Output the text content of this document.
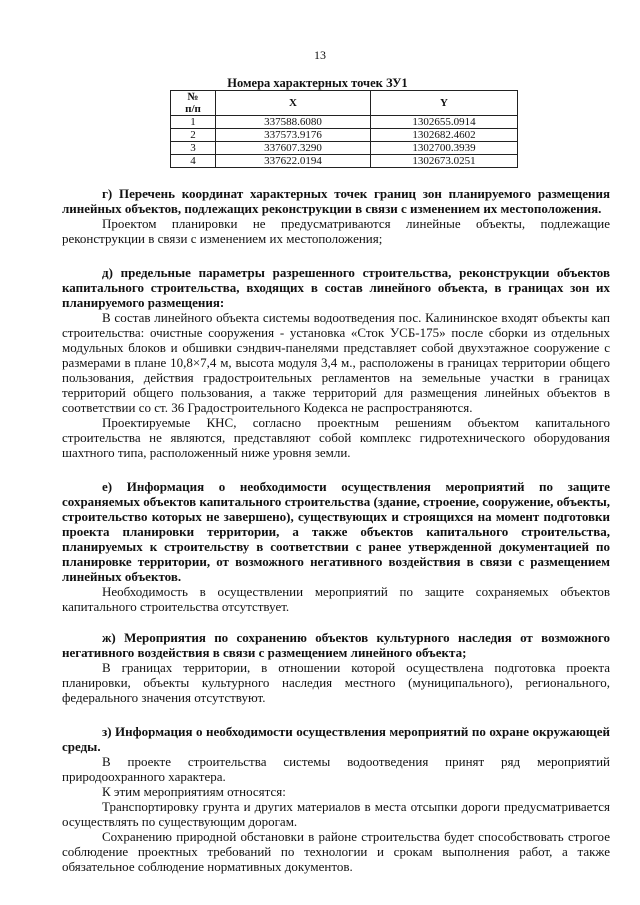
13
Номера характерных точек ЗУ1
№
п/п	X	Y
1	337588.6080	1302655.0914
2	337573.9176	1302682.4602
3	337607.3290	1302700.3939
4	337622.0194	1302673.0251

г) Перечень координат характерных точек границ зон планируемого размещения линейных объектов, подлежащих реконструкции в связи с изменением их местоположения.

Проектом планировки не предусматриваются линейные объекты, подлежащие реконструкции в связи с изменением их местоположения;

д) предельные параметры разрешенного строительства, реконструкции объектов капитального строительства, входящих в состав линейного объекта, в границах зон их планируемого размещения:

В состав линейного объекта системы водоотведения пос. Калининское входят объекты кап строительства: очистные сооружения - установка «Сток УСБ-175» после сборки из отдельных модульных блоков и обшивки сэндвич-панелями представляет собой двухэтажное сооружение с размерами в плане 10,8×7,4 м, высота модуля 3,4 м., расположены в границах территории общего пользования, действия градостроительных регламентов на земельные участки в границах территорий общего пользования, а также территорий для размещения линейных объектов в соответствии со ст. 36 Градостроительного Кодекса не распространяются.

Проектируемые КНС, согласно проектным решениям объектом капитального строительства не являются, представляют собой комплекс гидротехнического оборудования шахтного типа, расположенный ниже уровня земли.

е) Информация о необходимости осуществления мероприятий по защите сохраняемых объектов капитального строительства (здание, строение, сооружение, объекты, строительство которых не завершено), существующих и строящихся на момент подготовки проекта планировки территории, а также объектов капитального строительства, планируемых к строительству в соответствии с ранее утвержденной документацией по планировке территории, от возможного негативного воздействия в связи с размещением линейных объектов.

Необходимость в осуществлении мероприятий по защите сохраняемых объектов капитального строительства отсутствует.

ж) Мероприятия по сохранению объектов культурного наследия от возможного негативного воздействия в связи с размещением линейного объекта;

В границах территории, в отношении которой осуществлена подготовка проекта планировки, объекты культурного наследия местного (муниципального), регионального, федерального значения отсутствуют.

з) Информация о необходимости осуществления мероприятий по охране окружающей среды.

В проекте строительства системы водоотведения принят ряд мероприятий природоохранного характера.

К этим мероприятиям относятся:

Транспортировку грунта и других материалов в места отсыпки дороги предусматривается осуществлять по существующим дорогам.

Сохранению природной обстановки в районе строительства будет способствовать строгое соблюдение проектных требований по технологии и срокам выполнения работ, а также обязательное соблюдение нормативных документов.
